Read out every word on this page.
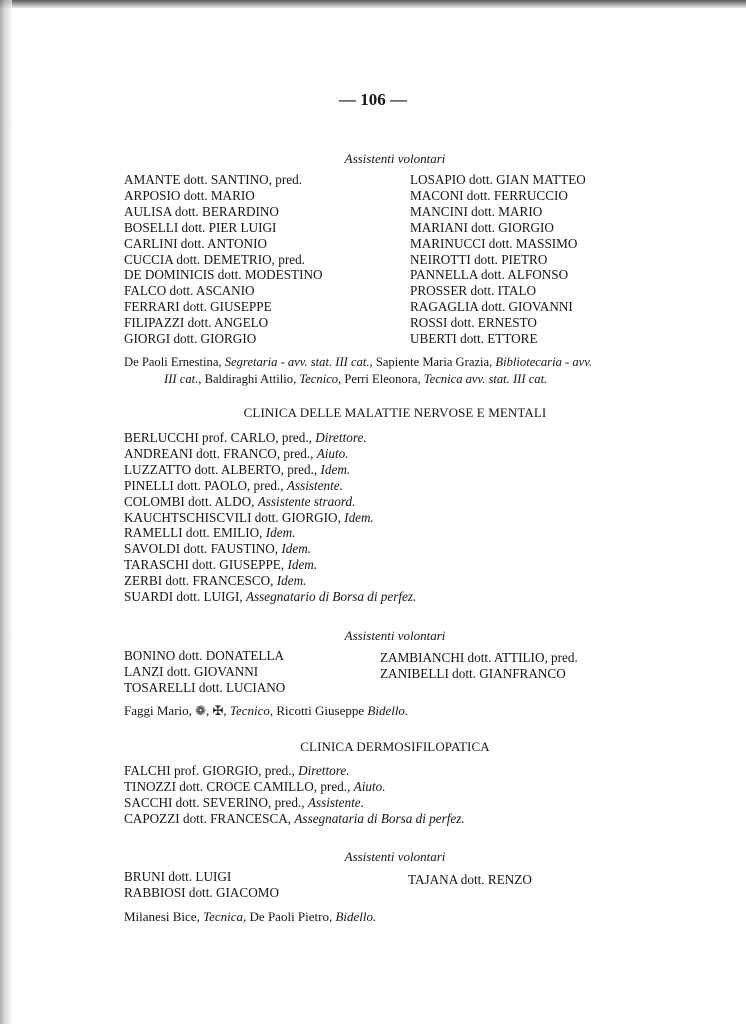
— 106 —
Assistenti volontari
AMANTE dott. SANTINO, pred.
ARPOSIO dott. MARIO
AULISA dott. BERARDINO
BOSELLI dott. PIER LUIGI
CARLINI dott. ANTONIO
CUCCIA dott. DEMETRIO, pred.
DE DOMINICIS dott. MODESTINO
FALCO dott. ASCANIO
FERRARI dott. GIUSEPPE
FILIPAZZI dott. ANGELO
GIORGI dott. GIORGIO
LOSAPIO dott. GIAN MATTEO
MACONI dott. FERRUCCIO
MANCINI dott. MARIO
MARIANI dott. GIORGIO
MARINUCCI dott. MASSIMO
NEIROTTI dott. PIETRO
PANNELLA dott. ALFONSO
PROSSER dott. ITALO
RAGAGLIA dott. GIOVANNI
ROSSI dott. ERNESTO
UBERTI dott. ETTORE
De Paoli Ernestina, Segretaria - avv. stat. III cat., Sapiente Maria Grazia, Bibliotecaria - avv.
III cat., Baldiraghi Attilio, Tecnico, Perri Eleonora, Tecnica avv. stat. III cat.
CLINICA DELLE MALATTIE NERVOSE E MENTALI
BERLUCCHI prof. CARLO, pred., Direttore.
ANDREANI dott. FRANCO, pred., Aiuto.
LUZZATTO dott. ALBERTO, pred., Idem.
PINELLI dott. PAOLO, pred., Assistente.
COLOMBI dott. ALDO, Assistente straord.
KAUCHTSCHISCVILI dott. GIORGIO, Idem.
RAMELLI dott. EMILIO, Idem.
SAVOLDI dott. FAUSTINO, Idem.
TARASCHI dott. GIUSEPPE, Idem.
ZERBI dott. FRANCESCO, Idem.
SUARDI dott. LUIGI, Assegnatario di Borsa di perfez.
Assistenti volontari
BONINO dott. DONATELLA
LANZI dott. GIOVANNI
TOSARELLI dott. LUCIANO
ZAMBIANCHI dott. ATTILIO, pred.
ZANIBELLI dott. GIANFRANCO
Faggi Mario, ❁, ✠, Tecnico, Ricotti Giuseppe Bidello.
CLINICA DERMOSIFILOPATICA
FALCHI prof. GIORGIO, pred., Direttore.
TINOZZI dott. CROCE CAMILLO, pred., Aiuto.
SACCHI dott. SEVERINO, pred., Assistente.
CAPOZZI dott. FRANCESCA, Assegnataria di Borsa di perfez.
Assistenti volontari
BRUNI dott. LUIGI
RABBIOSI dott. GIACOMO
TAJANA dott. RENZO
Milanesi Bice, Tecnica, De Paoli Pietro, Bidello.
